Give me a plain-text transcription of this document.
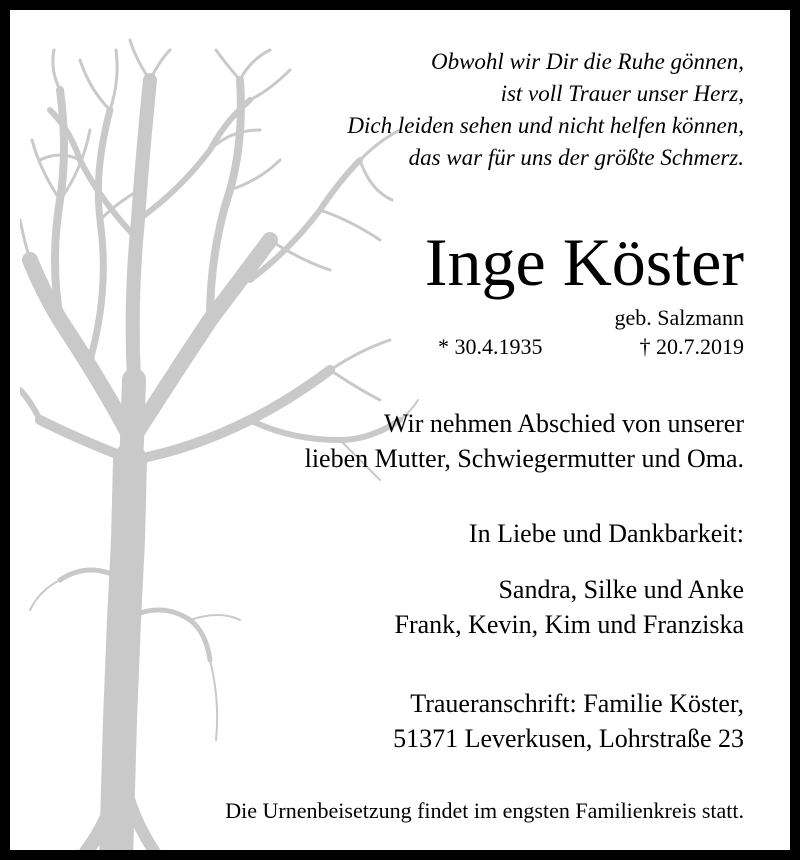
Obwohl wir Dir die Ruhe gönnen,
ist voll Trauer unser Herz,
Dich leiden sehen und nicht helfen können,
das war für uns der größte Schmerz.
Inge Köster
geb. Salzmann
* 30.4.1935	† 20.7.2019
Wir nehmen Abschied von unserer
lieben Mutter, Schwiegermutter und Oma.
In Liebe und Dankbarkeit:
Sandra, Silke und Anke
Frank, Kevin, Kim und Franziska
Traueranschrift: Familie Köster,
51371 Leverkusen, Lohrstraße 23
Die Urnenbeisetzung findet im engsten Familienkreis statt.
